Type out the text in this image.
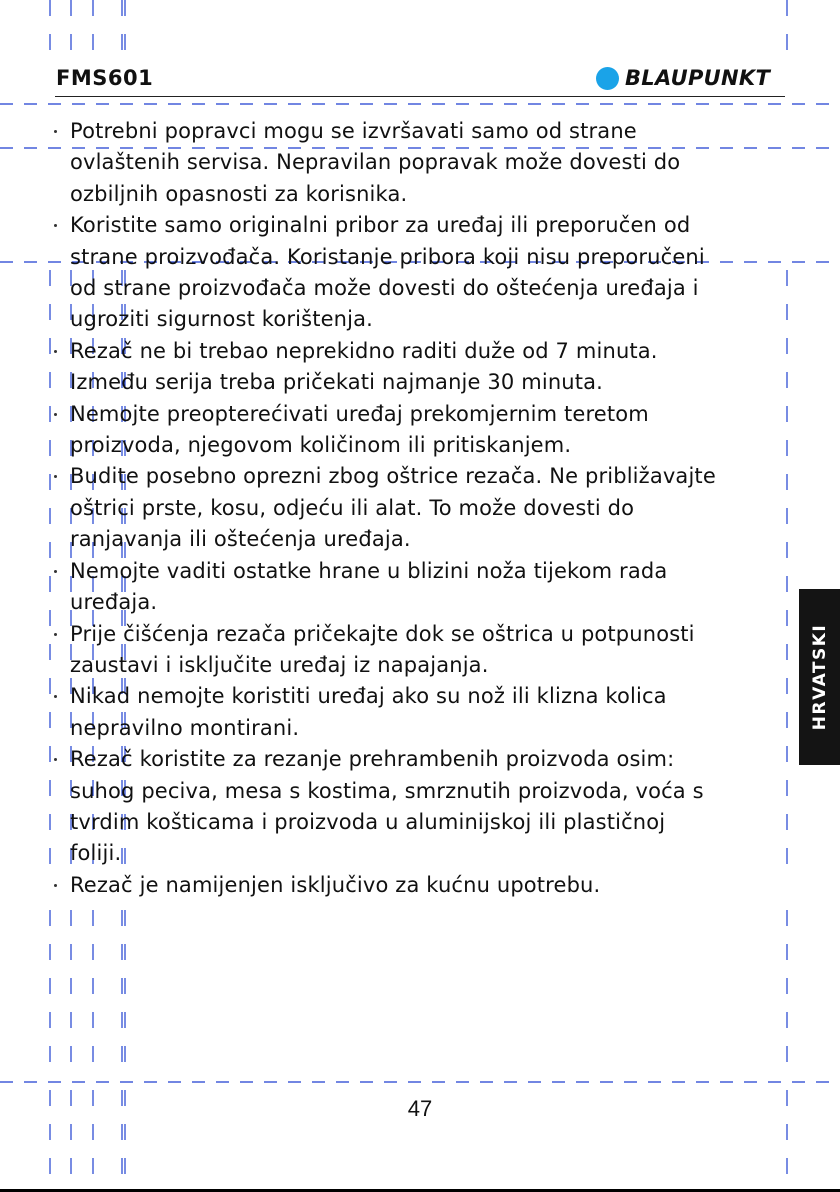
FMS601	BLAUPUNKT
Potrebni popravci mogu se izvršavati samo od strane
ovlaštenih servisa. Nepravilan popravak može dovesti do
ozbiljnih opasnosti za korisnika.
Koristite samo originalni pribor za uređaj ili preporučen od
strane proizvođača. Koristanje pribora koji nisu preporučeni
od strane proizvođača može dovesti do oštećenja uređaja i
ugroziti sigurnost korištenja.
Rezač ne bi trebao neprekidno raditi duže od 7 minuta.
Između serija treba pričekati najmanje 30 minuta.
Nemojte preopterećivati uređaj prekomjernim teretom
proizvoda, njegovom količinom ili pritiskanjem.
Budite posebno oprezni zbog oštrice rezača. Ne približavajte
oštrici prste, kosu, odjeću ili alat. To može dovesti do
ranjavanja ili oštećenja uređaja.
Nemojte vaditi ostatke hrane u blizini noža tijekom rada
uređaja.
Prije čišćenja rezača pričekajte dok se oštrica u potpunosti
zaustavi i isključite uređaj iz napajanja.
Nikad nemojte koristiti uređaj ako su nož ili klizna kolica
nepravilno montirani.
Rezač koristite za rezanje prehrambenih proizvoda osim:
suhog peciva, mesa s kostima, smrznutih proizvoda, voća s
tvrdim košticama i proizvoda u aluminijskoj ili plastičnoj
foliji.
Rezač je namijenjen isključivo za kućnu upotrebu.
HRVATSKI
47
